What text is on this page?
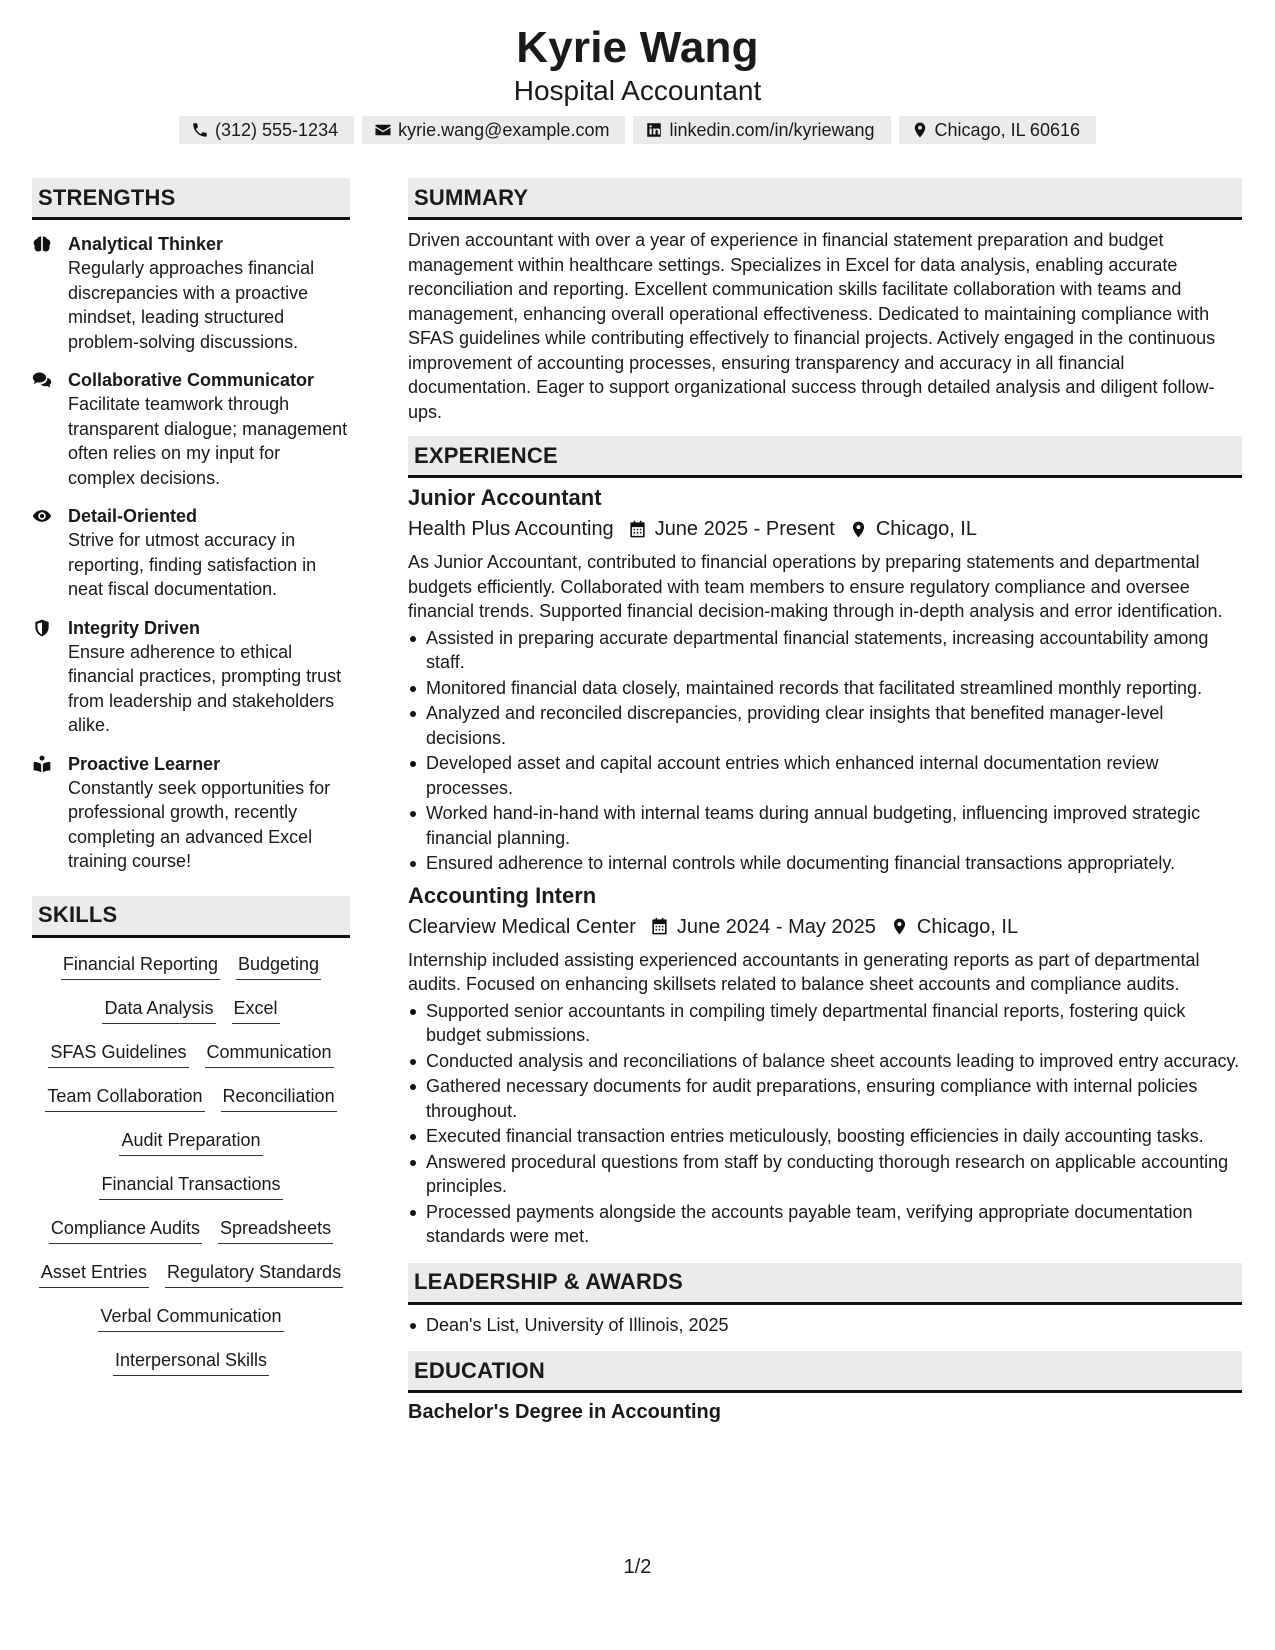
Kyrie Wang
Hospital Accountant
(312) 555-1234	kyrie.wang@example.com	linkedin.com/in/kyriewang	Chicago, IL 60616
STRENGTHS
Analytical Thinker
Regularly approaches financial discrepancies with a proactive mindset, leading structured problem-solving discussions.
Collaborative Communicator
Facilitate teamwork through transparent dialogue; management often relies on my input for complex decisions.
Detail-Oriented
Strive for utmost accuracy in reporting, finding satisfaction in neat fiscal documentation.
Integrity Driven
Ensure adherence to ethical financial practices, prompting trust from leadership and stakeholders alike.
Proactive Learner
Constantly seek opportunities for professional growth, recently completing an advanced Excel training course!
SKILLS
Financial Reporting Budgeting
Data Analysis Excel
SFAS Guidelines Communication
Team Collaboration Reconciliation
Audit Preparation
Financial Transactions
Compliance Audits Spreadsheets
Asset Entries Regulatory Standards
Verbal Communication
Interpersonal Skills
SUMMARY
Driven accountant with over a year of experience in financial statement preparation and budget management within healthcare settings. Specializes in Excel for data analysis, enabling accurate reconciliation and reporting. Excellent communication skills facilitate collaboration with teams and management, enhancing overall operational effectiveness. Dedicated to maintaining compliance with SFAS guidelines while contributing effectively to financial projects. Actively engaged in the continuous improvement of accounting processes, ensuring transparency and accuracy in all financial documentation. Eager to support organizational success through detailed analysis and diligent follow-ups.
EXPERIENCE
Junior Accountant
Health Plus Accounting June 2025 - Present Chicago, IL
As Junior Accountant, contributed to financial operations by preparing statements and departmental budgets efficiently. Collaborated with team members to ensure regulatory compliance and oversee financial trends. Supported financial decision-making through in-depth analysis and error identification.
Assisted in preparing accurate departmental financial statements, increasing accountability among staff.
Monitored financial data closely, maintained records that facilitated streamlined monthly reporting.
Analyzed and reconciled discrepancies, providing clear insights that benefited manager-level decisions.
Developed asset and capital account entries which enhanced internal documentation review processes.
Worked hand-in-hand with internal teams during annual budgeting, influencing improved strategic financial planning.
Ensured adherence to internal controls while documenting financial transactions appropriately.
Accounting Intern
Clearview Medical Center June 2024 - May 2025 Chicago, IL
Internship included assisting experienced accountants in generating reports as part of departmental audits. Focused on enhancing skillsets related to balance sheet accounts and compliance audits.
Supported senior accountants in compiling timely departmental financial reports, fostering quick budget submissions.
Conducted analysis and reconciliations of balance sheet accounts leading to improved entry accuracy.
Gathered necessary documents for audit preparations, ensuring compliance with internal policies throughout.
Executed financial transaction entries meticulously, boosting efficiencies in daily accounting tasks.
Answered procedural questions from staff by conducting thorough research on applicable accounting principles.
Processed payments alongside the accounts payable team, verifying appropriate documentation standards were met.
LEADERSHIP & AWARDS
Dean's List, University of Illinois, 2025
EDUCATION
Bachelor's Degree in Accounting
1/2
